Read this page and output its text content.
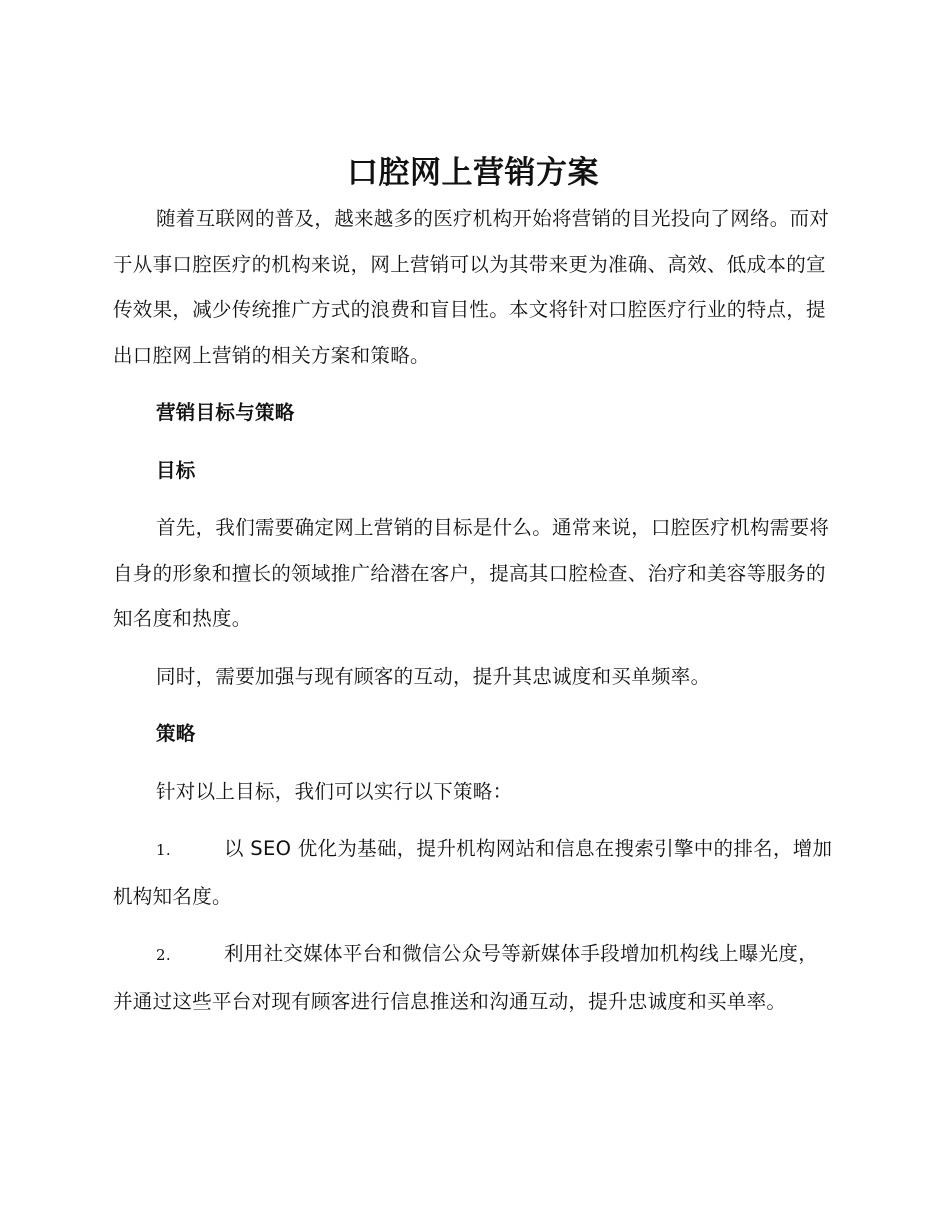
口腔网上营销方案

随着互联网的普及，越来越多的医疗机构开始将营销的目光投向了网络。而对于从事口腔医疗的机构来说，网上营销可以为其带来更为准确、高效、低成本的宣传效果，减少传统推广方式的浪费和盲目性。本文将针对口腔医疗行业的特点，提出口腔网上营销的相关方案和策略。

营销目标与策略

目标

首先，我们需要确定网上营销的目标是什么。通常来说，口腔医疗机构需要将自身的形象和擅长的领域推广给潜在客户，提高其口腔检查、治疗和美容等服务的知名度和热度。

同时，需要加强与现有顾客的互动，提升其忠诚度和买单频率。

策略

针对以上目标，我们可以实行以下策略：

1.	以 SEO 优化为基础，提升机构网站和信息在搜索引擎中的排名，增加机构知名度。

2.	利用社交媒体平台和微信公众号等新媒体手段增加机构线上曝光度，并通过这些平台对现有顾客进行信息推送和沟通互动，提升忠诚度和买单率。
